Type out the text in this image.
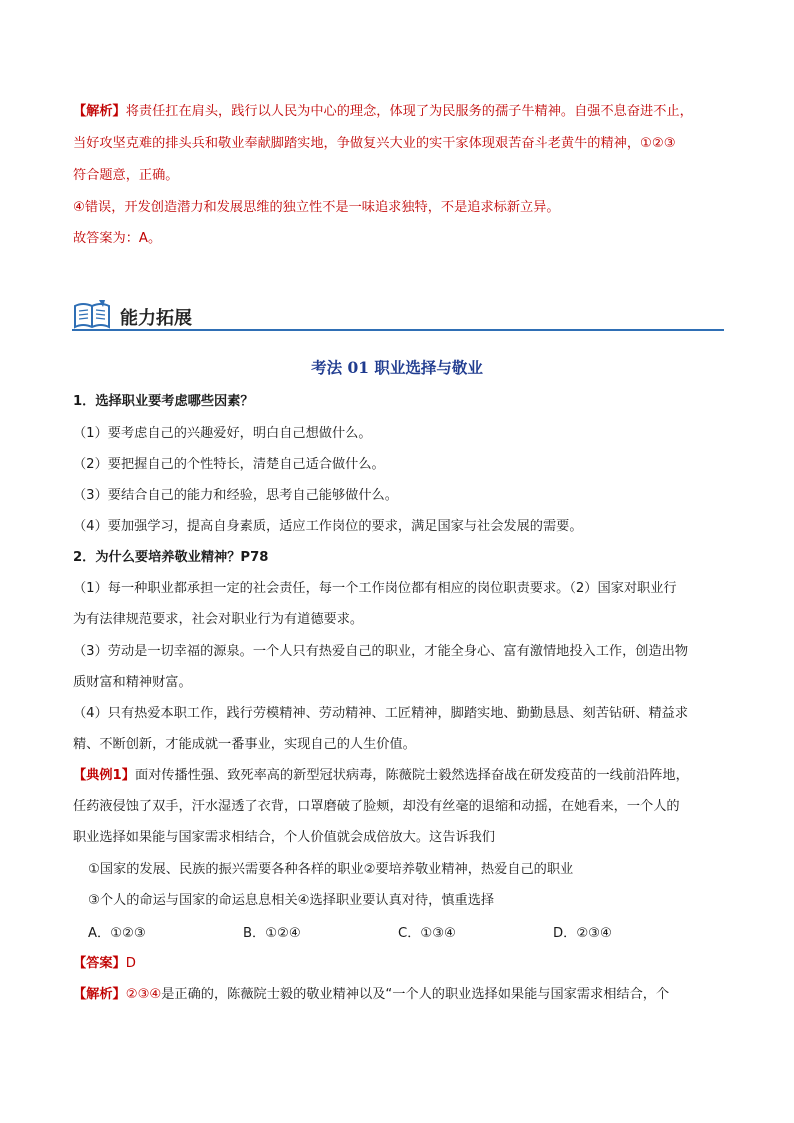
【解析】将责任扛在肩头，践行以人民为中心的理念，体现了为民服务的孺子牛精神。自强不息奋进不止，
当好攻坚克难的排头兵和敬业奉献脚踏实地，争做复兴大业的实干家体现艰苦奋斗老黄牛的精神，①②③
符合题意，正确。
④错误，开发创造潜力和发展思维的独立性不是一味追求独特，不是追求标新立异。
故答案为：A。
能力拓展
考法 01 职业选择与敬业
1．选择职业要考虑哪些因素？
（1）要考虑自己的兴趣爱好，明白自己想做什么。
（2）要把握自己的个性特长，清楚自己适合做什么。
（3）要结合自己的能力和经验，思考自己能够做什么。
（4）要加强学习，提高自身素质，适应工作岗位的要求，满足国家与社会发展的需要。
2．为什么要培养敬业精神？P78
（1）每一种职业都承担一定的社会责任，每一个工作岗位都有相应的岗位职责要求。（2）国家对职业行
为有法律规范要求，社会对职业行为有道德要求。
（3）劳动是一切幸福的源泉。一个人只有热爱自己的职业，才能全身心、富有激情地投入工作，创造出物
质财富和精神财富。
（4）只有热爱本职工作，践行劳模精神、劳动精神、工匠精神，脚踏实地、勤勤恳恳、刻苦钻研、精益求
精、不断创新，才能成就一番事业，实现自己的人生价值。
【典例1】面对传播性强、致死率高的新型冠状病毒，陈薇院士毅然选择奋战在研发疫苗的一线前沿阵地，
任药液侵蚀了双手，汗水湿透了衣背，口罩磨破了脸颊，却没有丝毫的退缩和动摇，在她看来，一个人的
职业选择如果能与国家需求相结合，个人价值就会成倍放大。这告诉我们
①国家的发展、民族的振兴需要各种各样的职业②要培养敬业精神，热爱自己的职业
③个人的命运与国家的命运息息相关④选择职业要认真对待，慎重选择
A．①②③	B．①②④	C．①③④	D．②③④
【答案】D
【解析】②③④是正确的，陈薇院士毅的敬业精神以及“一个人的职业选择如果能与国家需求相结合，个
